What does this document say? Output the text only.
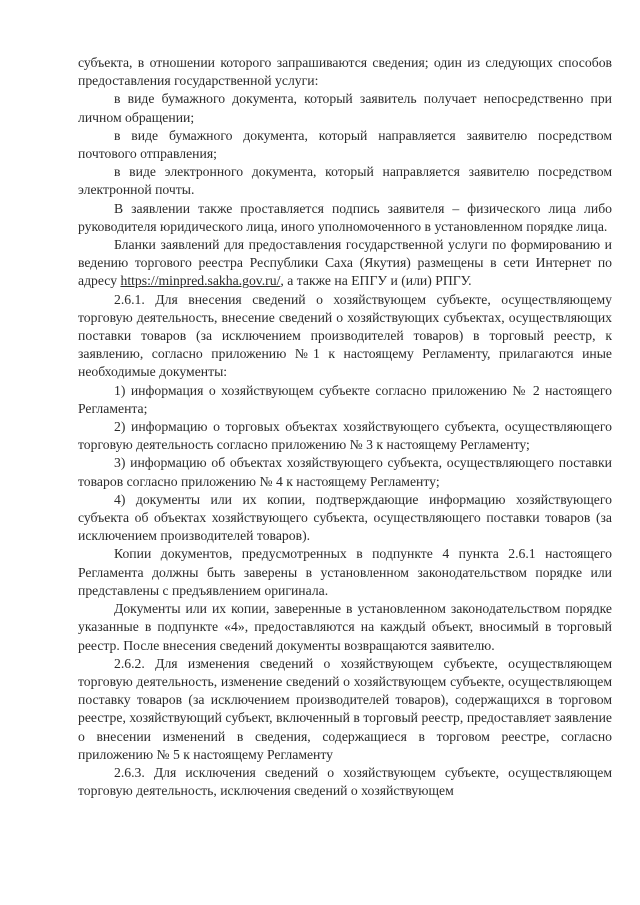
субъекта, в отношении которого запрашиваются сведения; один из следующих способов предоставления государственной услуги:

в виде бумажного документа, который заявитель получает непосредственно при личном обращении;

в виде бумажного документа, который направляется заявителю посредством почтового отправления;

в виде электронного документа, который направляется заявителю посредством электронной почты.

В заявлении также проставляется подпись заявителя – физического лица либо руководителя юридического лица, иного уполномоченного в установленном порядке лица.

Бланки заявлений для предоставления государственной услуги по формированию и ведению торгового реестра Республики Саха (Якутия) размещены в сети Интернет по адресу https://minpred.sakha.gov.ru/, а также на ЕПГУ и (или) РПГУ.

2.6.1. Для внесения сведений о хозяйствующем субъекте, осуществляющему торговую деятельность, внесение сведений о хозяйствующих субъектах, осуществляющих поставки товаров (за исключением производителей товаров) в торговый реестр, к заявлению, согласно приложению №1 к настоящему Регламенту, прилагаются иные необходимые документы:

1) информация о хозяйствующем субъекте согласно приложению № 2 настоящего Регламента;

2) информацию о торговых объектах хозяйствующего субъекта, осуществляющего торговую деятельность согласно приложению № 3 к настоящему Регламенту;

3) информацию об объектах хозяйствующего субъекта, осуществляющего поставки товаров согласно приложению № 4 к настоящему Регламенту;

4) документы или их копии, подтверждающие информацию хозяйствующего субъекта об объектах хозяйствующего субъекта, осуществляющего поставки товаров (за исключением производителей товаров).

Копии документов, предусмотренных в подпункте 4 пункта 2.6.1 настоящего Регламента должны быть заверены в установленном законодательством порядке или представлены с предъявлением оригинала.

Документы или их копии, заверенные в установленном законодательством порядке указанные в подпункте «4», предоставляются на каждый объект, вносимый в торговый реестр. После внесения сведений документы возвращаются заявителю.

2.6.2. Для изменения сведений о хозяйствующем субъекте, осуществляющем торговую деятельность, изменение сведений о хозяйствующем субъекте, осуществляющем поставку товаров (за исключением производителей товаров), содержащихся в торговом реестре, хозяйствующий субъект, включенный в торговый реестр, предоставляет заявление о внесении изменений в сведения, содержащиеся в торговом реестре, согласно приложению № 5 к настоящему Регламенту

2.6.3. Для исключения сведений о хозяйствующем субъекте, осуществляющем торговую деятельность, исключения сведений о хозяйствующем
